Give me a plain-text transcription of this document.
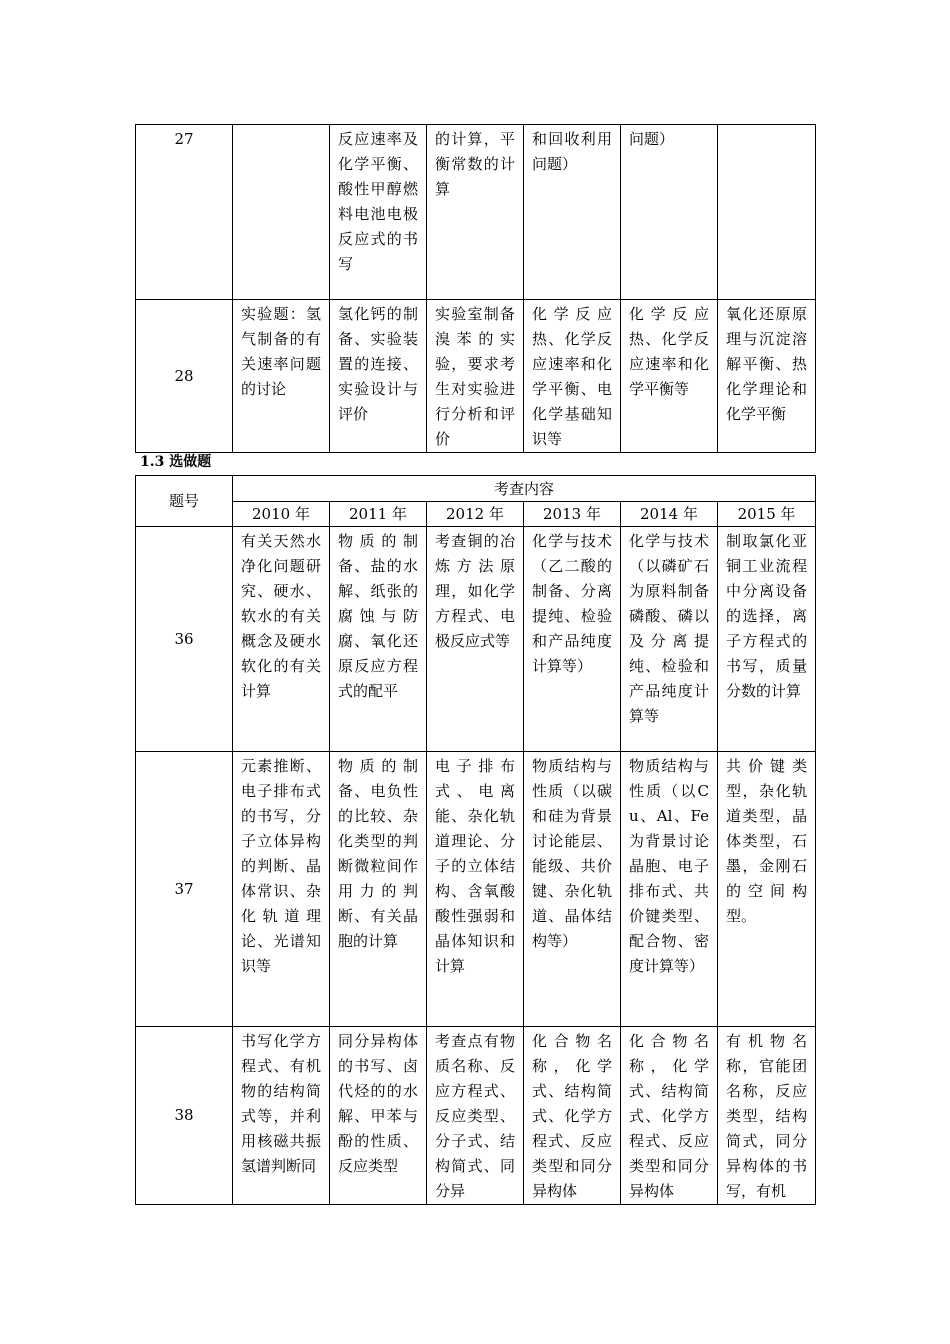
27		反应速率及化学平衡、酸性甲醇燃料电池电极反应式的书写	的计算，平衡常数的计算	和回收利用问题）	问题）	
28	实验题：氢气制备的有关速率问题的讨论	氢化钙的制备、实验装置的连接、实验设计与评价	实验室制备溴苯的实验，要求考生对实验进行分析和评价	化学反应热、化学反应速率和化学平衡、电化学基础知识等	化学反应热、化学反应速率和化学平衡等	氧化还原原理与沉淀溶解平衡、热化学理论和化学平衡
1.3 选做题
题号	考查内容					
	2010 年	2011 年	2012 年	2013 年	2014 年	2015 年
36	有关天然水净化问题研究、硬水、软水的有关概念及硬水软化的有关计算	物质的制备、盐的水解、纸张的腐蚀与防腐、氧化还原反应方程式的配平	考查铜的冶炼方法原理，如化学方程式、电极反应式等	化学与技术（乙二酸的制备、分离提纯、检验和产品纯度计算等）	化学与技术（以磷矿石为原料制备磷酸、磷以及分离提纯、检验和产品纯度计算等	制取氯化亚铜工业流程中分离设备的选择，离子方程式的书写，质量分数的计算
37	元素推断、电子排布式的书写，分子立体异构的判断、晶体常识、杂化轨道理论、光谱知识等	物质的制备、电负性的比较、杂化类型的判断微粒间作用力的判断、有关晶胞的计算	电子排布式、电离能、杂化轨道理论、分子的立体结构、含氧酸酸性强弱和晶体知识和计算	物质结构与性质（以碳和硅为背景讨论能层、能级、共价键、杂化轨道、晶体结构等）	物质结构与性质（以Cu、Al、Fe为背景讨论晶胞、电子排布式、共价键类型、配合物、密度计算等）	共价键类型，杂化轨道类型，晶体类型，石墨，金刚石的空间构型。
38	书写化学方程式、有机物的结构简式等，并利用核磁共振氢谱判断同	同分异构体的书写、卤代烃的的水解、甲苯与酚的性质、反应类型	考查点有物质名称、反应方程式、反应类型、分子式、结构简式、同分异	化合物名称，化学式、结构简式、化学方程式、反应类型和同分异构体	化合物名称，化学式、结构简式、化学方程式、反应类型和同分异构体	有机物名称，官能团名称，反应类型，结构简式，同分异构体的书写，有机
